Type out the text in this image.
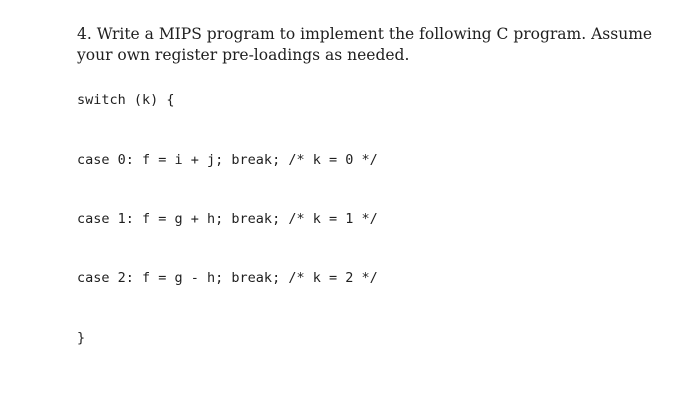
4. Write a MIPS program to implement the following C program. Assume your own register pre-loadings as needed.
switch (k) {
case 0: f = i + j; break; /* k = 0 */
case 1: f = g + h; break; /* k = 1 */
case 2: f = g - h; break; /* k = 2 */
}
